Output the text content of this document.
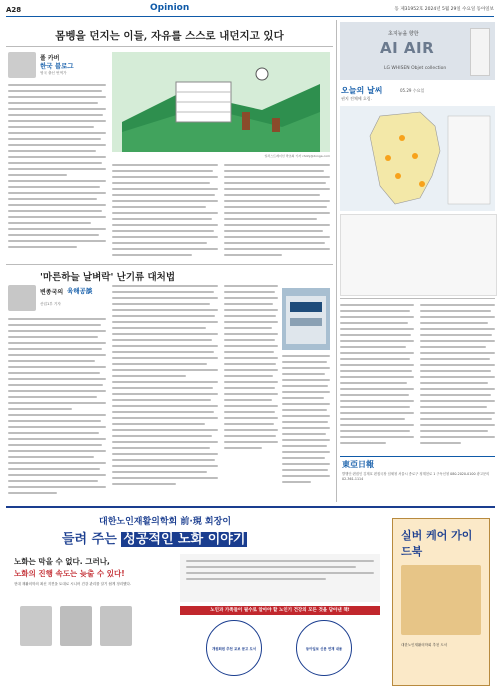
A28	Opinion	동 제31952호 2024년 5월 29일 수요일 동아일보
몸벵을 던지는 이들, 자유를 스스로 내던지고 있다
폴 카버
한국 블로그
영국 출신 번역가
일러스트레이션 박초희 기자 chohj@donga.com
'마른하늘 날벼락' 난기류 대처법
변종국의 육해공談
산업1부 기자
초지능을 향한
AI AIR
LG WHISEN Objet collection
오늘의 날씨	05.29 수요일
권지 전체에 흐림.
東亞日報
발행인·편집인 김재호 편집국장 임채청 서울시 종로구 청계천로 1 구독신청 080-2020-0100 광고문의 02-361-1114
대한노인재활의학회 前·現 회장이
들려 주는 성공적인 노화 이야기
노화는 막을 수 없다. 그러나,
노화의 진행 속도는 늦출 수 있다!
현대 재활의학의 최신 지견을 토대로 시니어 건강 관리를 알기 쉽게 정리했다.
노인과 가족들이 필수로 알아야 할 노인기 건강의 모든 것을 담아낸 책!
개원회원 추천 교보 문고 도서	동아일보 신문 연재 내용
실버 케어 가이드북
대한노인재활의학회 추천 도서
